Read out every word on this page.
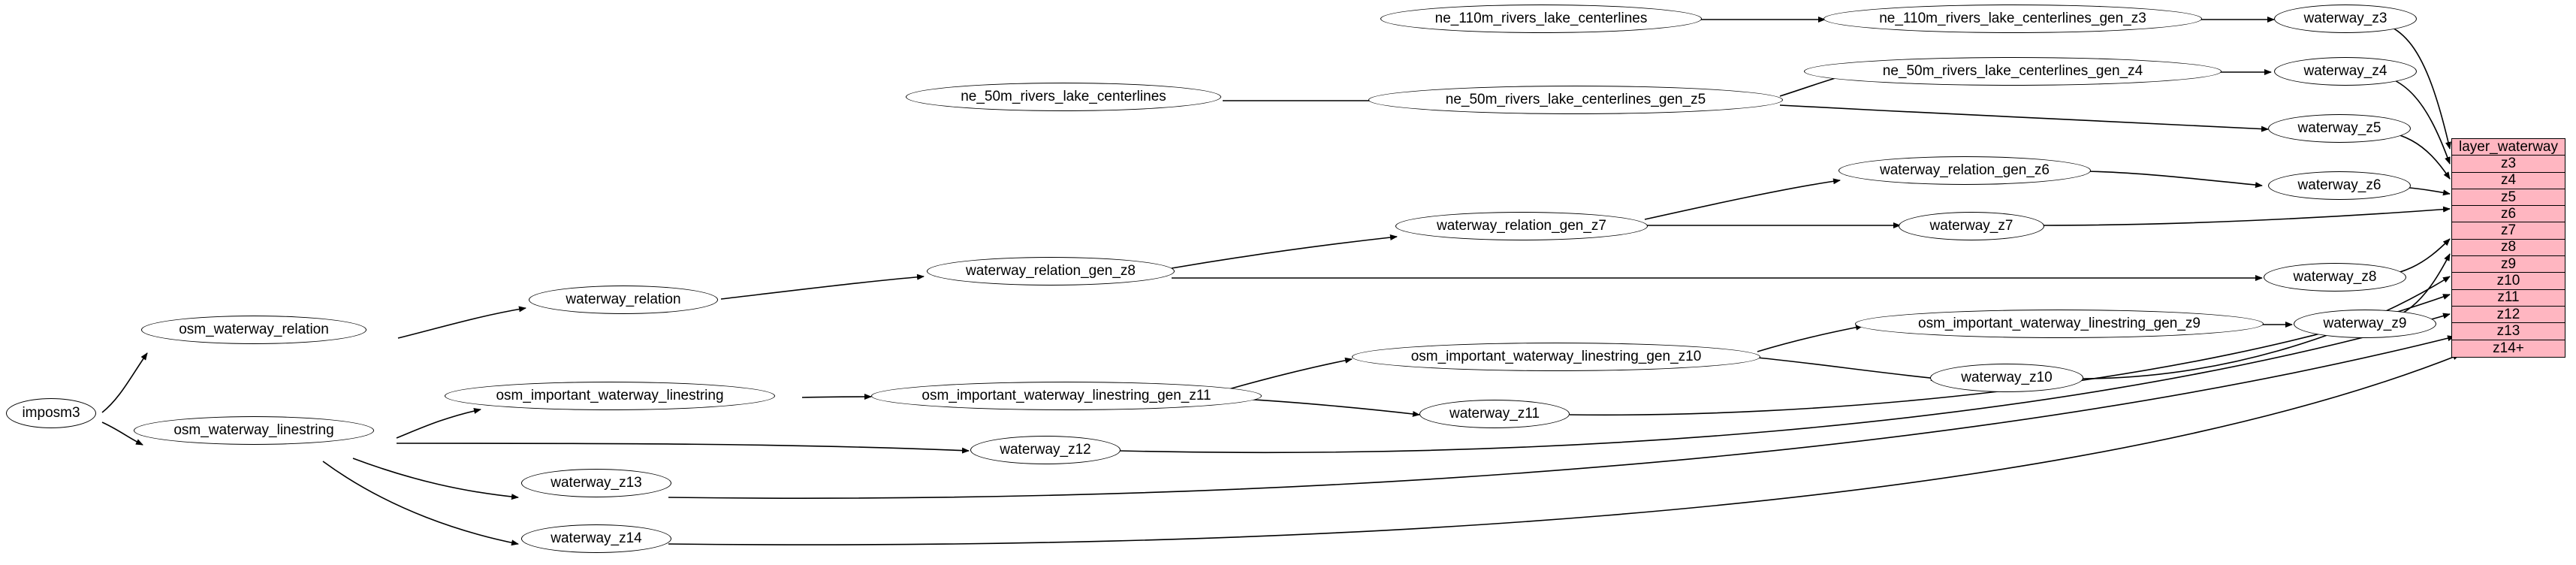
imposm3
osm_waterway_relation
osm_waterway_linestring
waterway_relation
osm_important_waterway_linestring
waterway_z13
waterway_z14
ne_50m_rivers_lake_centerlines
waterway_relation_gen_z8
osm_important_waterway_linestring_gen_z11
waterway_z12
ne_110m_rivers_lake_centerlines
ne_50m_rivers_lake_centerlines_gen_z5
waterway_relation_gen_z7
osm_important_waterway_linestring_gen_z10
waterway_z11
ne_50m_rivers_lake_centerlines_gen_z4
waterway_relation_gen_z6
waterway_z7
osm_important_waterway_linestring_gen_z9
waterway_z10
ne_110m_rivers_lake_centerlines_gen_z3	waterway_z3
waterway_z4
waterway_z5
waterway_z6
waterway_z8
waterway_z9
layer_waterway
z3
z4
z5
z6
z7
z8
z9
z10
z11
z12
z13
z14+
